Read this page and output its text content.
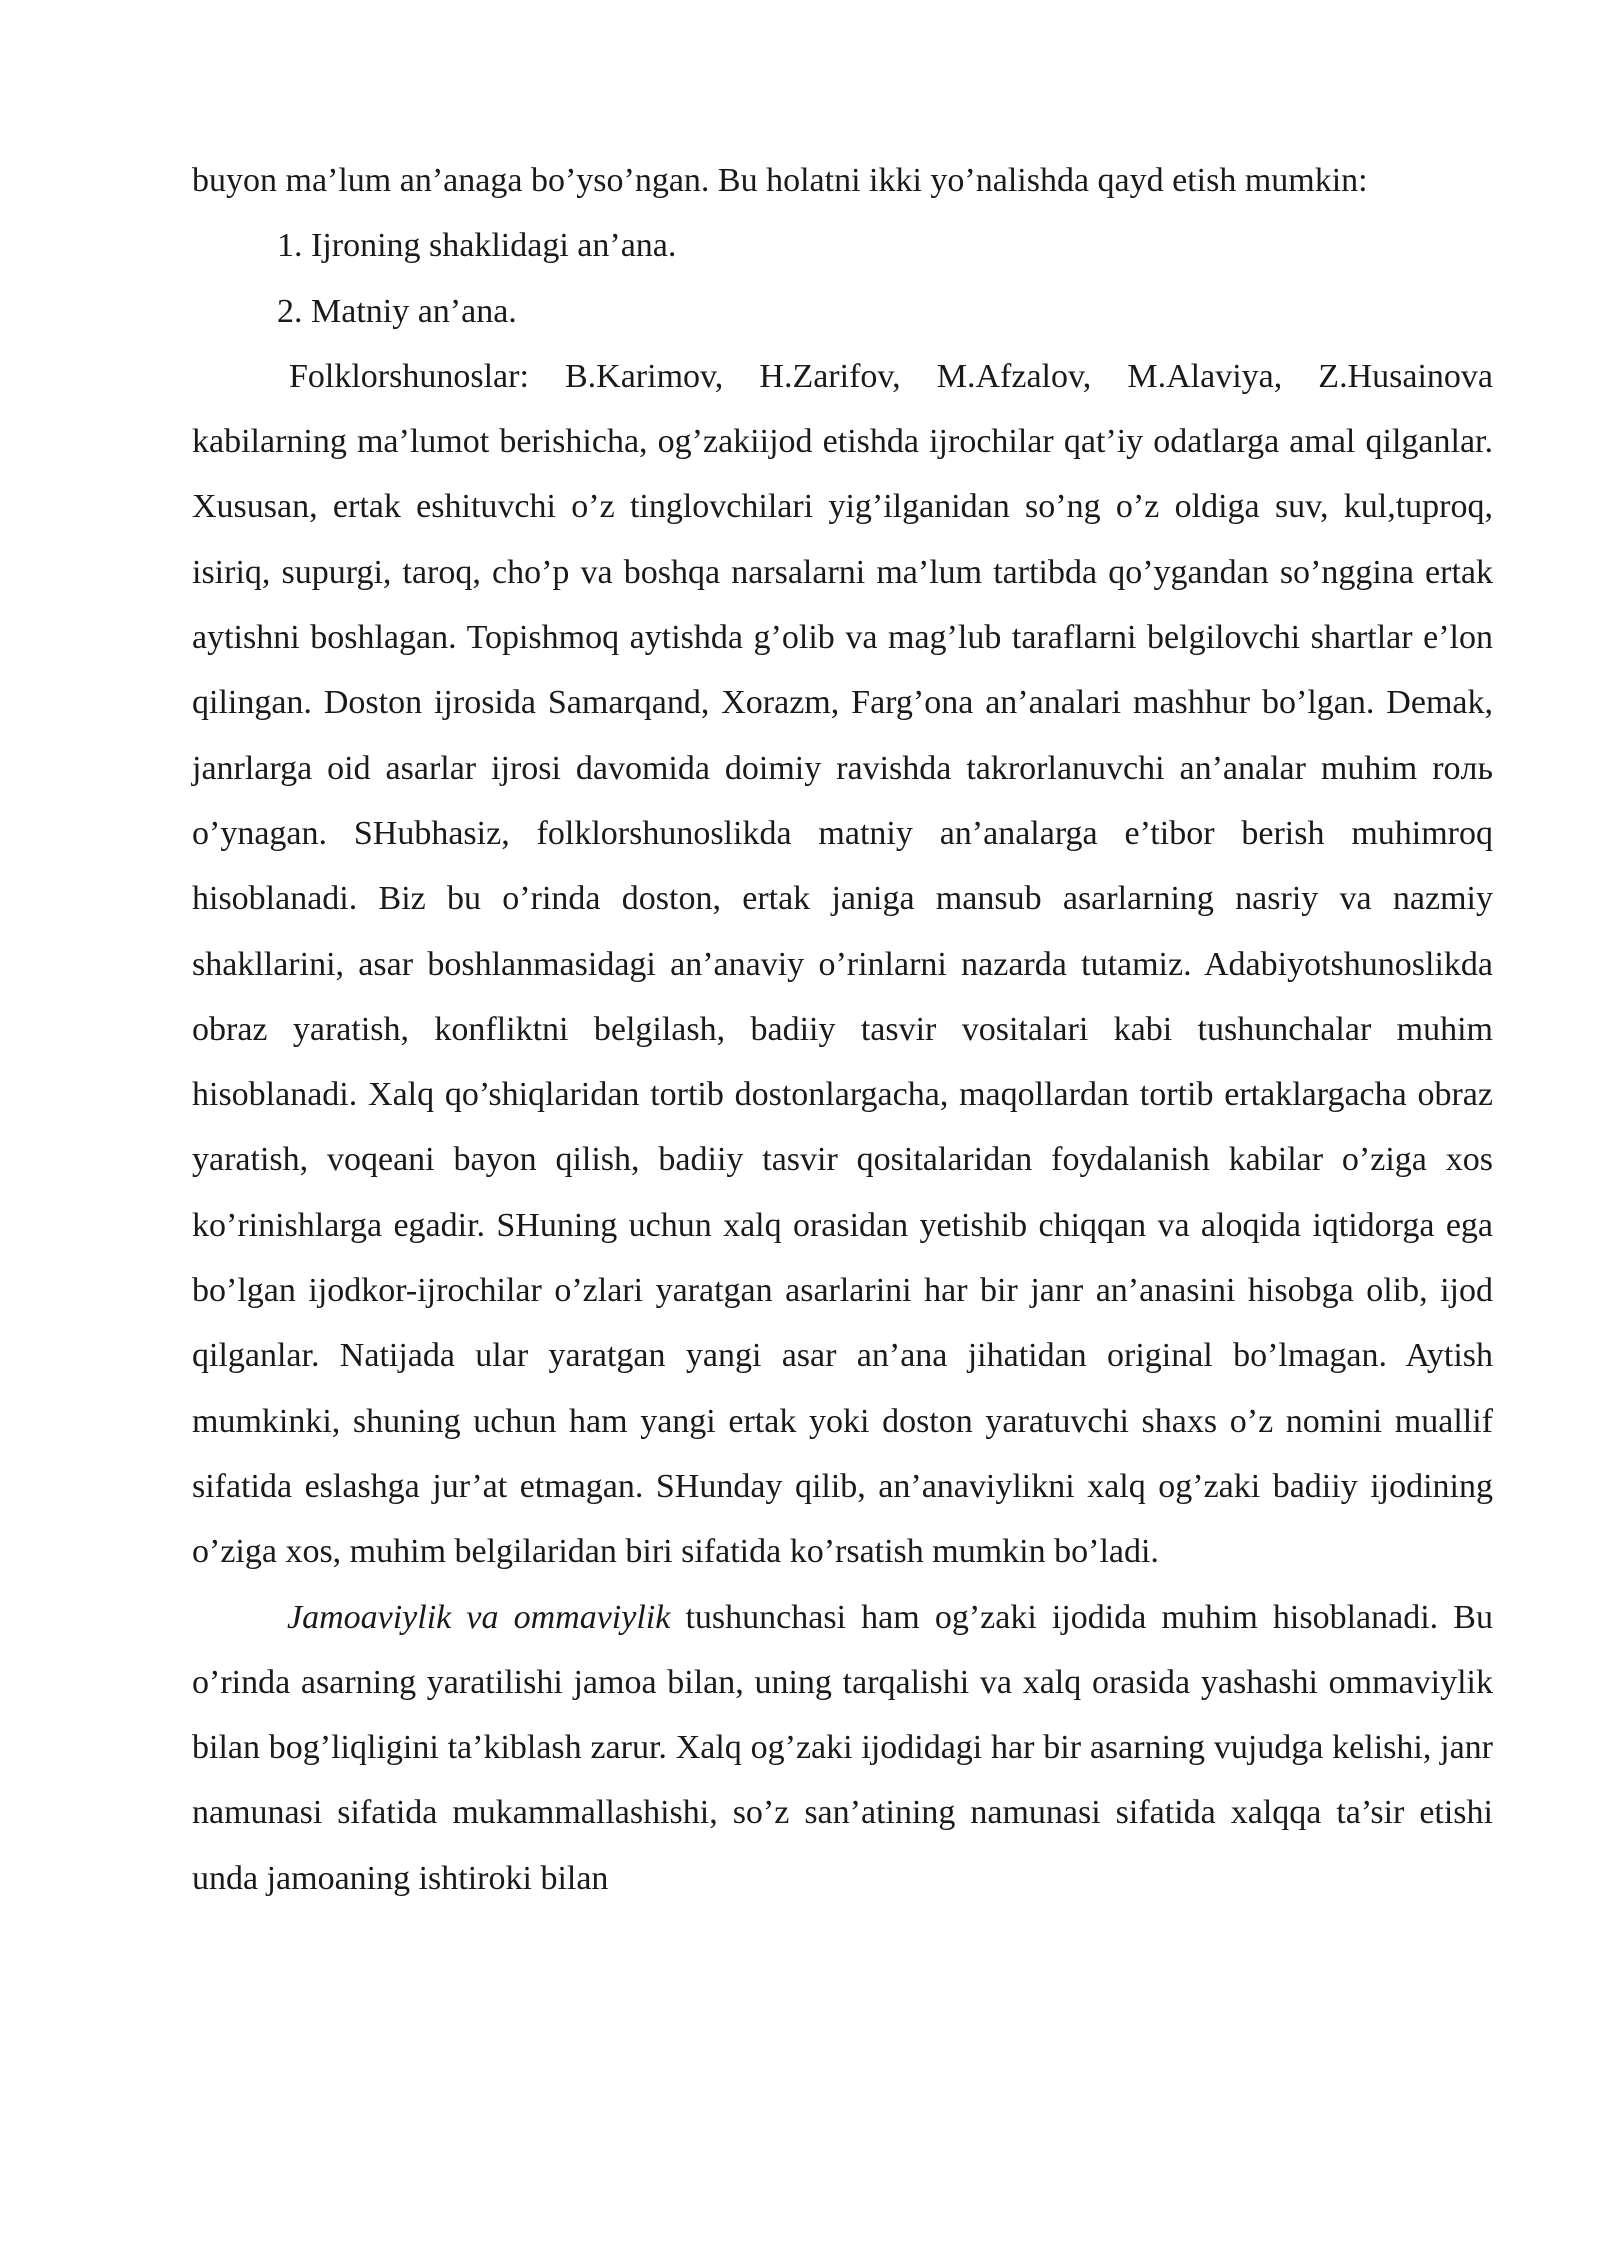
buyon ma’lum an’anaga bo’yso’ngan. Bu holatni ikki yo’nalishda qayd etish mumkin:

1. Ijroning shaklidagi an’ana.

2. Matniy an’ana.

Folklorshunoslar: B.Karimov, H.Zarifov, M.Afzalov, M.Alaviya, Z.Husainova kabilarning ma’lumot berishicha, og’zakiijod etishda ijrochilar qat’iy odatlarga amal qilganlar. Xususan, ertak eshituvchi o’z tinglovchilari yig’ilganidan so’ng o’z oldiga suv, kul,tuproq, isiriq, supurgi, taroq, cho’p va boshqa narsalarni ma’lum tartibda qo’ygandan so’nggina ertak aytishni boshlagan. Topishmoq aytishda g’olib va mag’lub taraflarni belgilovchi shartlar e’lon qilingan. Doston ijrosida Samarqand, Xorazm, Farg’ona an’analari mashhur bo’lgan. Demak, janrlarga oid asarlar ijrosi davomida doimiy ravishda takrorlanuvchi an’analar muhim roль o’ynagan. SHubhasiz, folklorshunoslikda matniy an’analarga e’tibor berish muhimroq hisoblanadi. Biz bu o’rinda doston, ertak janiga mansub asarlarning nasriy va nazmiy shakllarini, asar boshlanmasidagi an’anaviy o’rinlarni nazarda tutamiz. Adabiyotshunoslikda obraz yaratish, konfliktni belgilash, badiiy tasvir vositalari kabi tushunchalar muhim hisoblanadi. Xalq qo’shiqlaridan tortib dostonlargacha, maqollardan tortib ertaklargacha obraz yaratish, voqeani bayon qilish, badiiy tasvir qositalaridan foydalanish kabilar o’ziga xos ko’rinishlarga egadir. SHuning uchun xalq orasidan yetishib chiqqan va aloqida iqtidorga ega bo’lgan ijodkor-ijrochilar o’zlari yaratgan asarlarini har bir janr an’anasini hisobga olib, ijod qilganlar. Natijada ular yaratgan yangi asar an’ana jihatidan original bo’lmagan. Aytish mumkinki, shuning uchun ham yangi ertak yoki doston yaratuvchi shaxs o’z nomini muallif sifatida eslashga jur’at etmagan. SHunday qilib, an’anaviylikni xalq og’zaki badiiy ijodining o’ziga xos, muhim belgilaridan biri sifatida ko’rsatish mumkin bo’ladi.

Jamoaviylik va ommaviylik tushunchasi ham og’zaki ijodida muhim hisoblanadi. Bu o’rinda asarning yaratilishi jamoa bilan, uning tarqalishi va xalq orasida yashashi ommaviylik bilan bog’liqligini ta’kiblash zarur. Xalq og’zaki ijodidagi har bir asarning vujudga kelishi, janr namunasi sifatida mukammallashishi, so’z san’atining namunasi sifatida xalqqa ta’sir etishi unda jamoaning ishtiroki bilan
